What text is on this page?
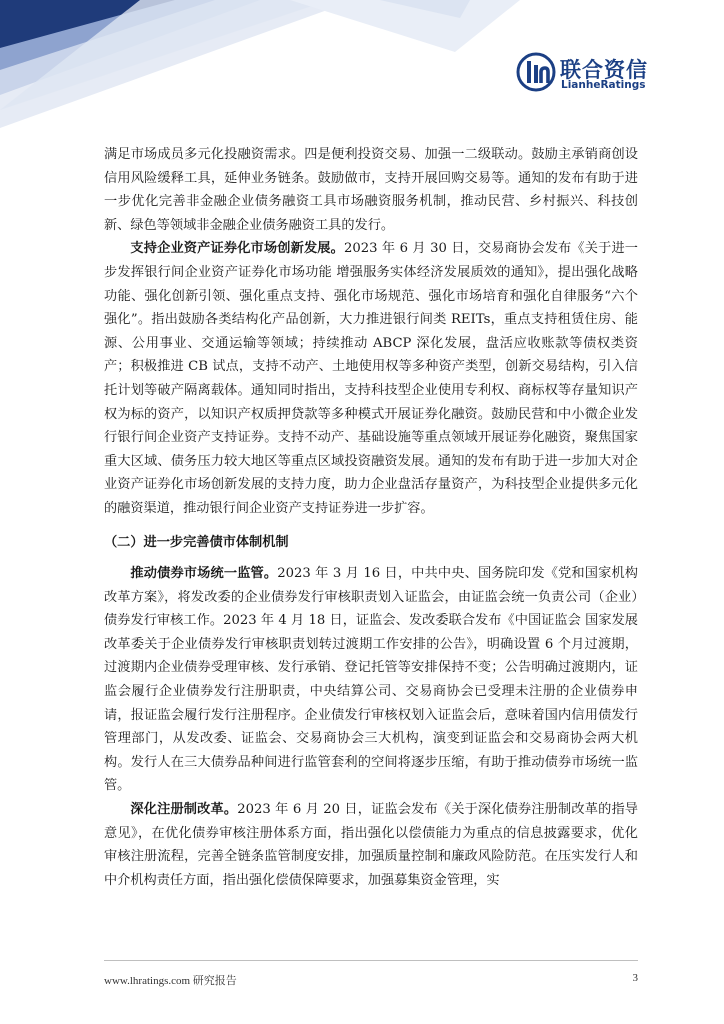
联合资信
LianheRatings

满足市场成员多元化投融资需求。四是便利投资交易、加强一二级联动。鼓励主承销商创设信用风险缓释工具，延伸业务链条。鼓励做市，支持开展回购交易等。通知的发布有助于进一步优化完善非金融企业债务融资工具市场融资服务机制，推动民营、乡村振兴、科技创新、绿色等领域非金融企业债务融资工具的发行。

支持企业资产证券化市场创新发展。2023 年 6 月 30 日，交易商协会发布《关于进一步发挥银行间企业资产证券化市场功能 增强服务实体经济发展质效的通知》，提出强化战略功能、强化创新引领、强化重点支持、强化市场规范、强化市场培育和强化自律服务“六个强化”。指出鼓励各类结构化产品创新，大力推进银行间类 REITs，重点支持租赁住房、能源、公用事业、交通运输等领域；持续推动 ABCP 深化发展，盘活应收账款等债权类资产；积极推进 CB 试点，支持不动产、土地使用权等多种资产类型，创新交易结构，引入信托计划等破产隔离载体。通知同时指出，支持科技型企业使用专利权、商标权等存量知识产权为标的资产，以知识产权质押贷款等多种模式开展证券化融资。鼓励民营和中小微企业发行银行间企业资产支持证券。支持不动产、基础设施等重点领域开展证券化融资，聚焦国家重大区域、债务压力较大地区等重点区域投资融资发展。通知的发布有助于进一步加大对企业资产证券化市场创新发展的支持力度，助力企业盘活存量资产，为科技型企业提供多元化的融资渠道，推动银行间企业资产支持证券进一步扩容。

（二）进一步完善债市体制机制

推动债券市场统一监管。2023 年 3 月 16 日，中共中央、国务院印发《党和国家机构改革方案》，将发改委的企业债券发行审核职责划入证监会，由证监会统一负责公司（企业）债券发行审核工作。2023 年 4 月 18 日，证监会、发改委联合发布《中国证监会 国家发展改革委关于企业债券发行审核职责划转过渡期工作安排的公告》，明确设置 6 个月过渡期，过渡期内企业债券受理审核、发行承销、登记托管等安排保持不变；公告明确过渡期内，证监会履行企业债券发行注册职责，中央结算公司、交易商协会已受理未注册的企业债券申请，报证监会履行发行注册程序。企业债发行审核权划入证监会后，意味着国内信用债发行管理部门，从发改委、证监会、交易商协会三大机构，演变到证监会和交易商协会两大机构。发行人在三大债券品种间进行监管套利的空间将逐步压缩，有助于推动债券市场统一监管。

深化注册制改革。2023 年 6 月 20 日，证监会发布《关于深化债券注册制改革的指导意见》，在优化债券审核注册体系方面，指出强化以偿债能力为重点的信息披露要求，优化审核注册流程，完善全链条监管制度安排，加强质量控制和廉政风险防范。在压实发行人和中介机构责任方面，指出强化偿债保障要求，加强募集资金管理，实

www.lhratings.com 研究报告	3
